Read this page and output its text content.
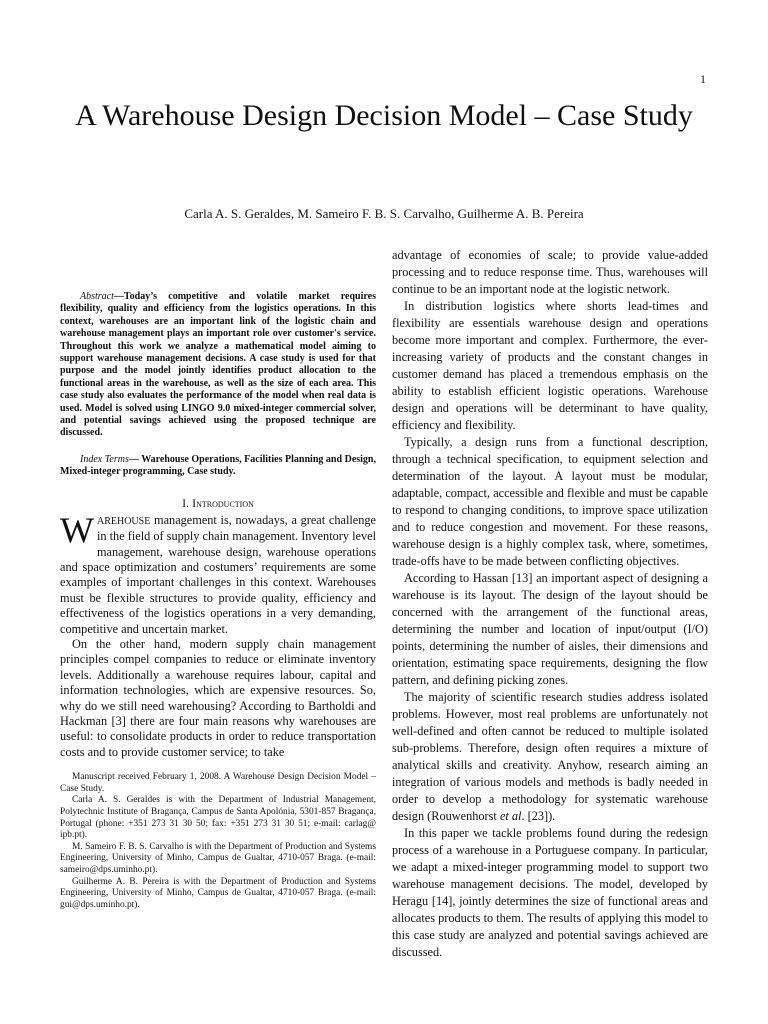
1
A Warehouse Design Decision Model – Case Study
Carla A. S. Geraldes, M. Sameiro F. B. S. Carvalho, Guilherme A. B. Pereira

Abstract—Today’s competitive and volatile market requires flexibility, quality and efficiency from the logistics operations. In this context, warehouses are an important link of the logistic chain and warehouse management plays an important role over customer's service. Throughout this work we analyze a mathematical model aiming to support warehouse management decisions. A case study is used for that purpose and the model jointly identifies product allocation to the functional areas in the warehouse, as well as the size of each area. This case study also evaluates the performance of the model when real data is used. Model is solved using LINGO 9.0 mixed-integer commercial solver, and potential savings achieved using the proposed technique are discussed.

Index Terms— Warehouse Operations, Facilities Planning and Design, Mixed-integer programming, Case study.

I. Introduction

WAREHOUSE management is, nowadays, a great challenge in the field of supply chain management. Inventory level management, warehouse design, warehouse operations and space optimization and costumers’ requirements are some examples of important challenges in this context. Warehouses must be flexible structures to provide quality, efficiency and effectiveness of the logistics operations in a very demanding, competitive and uncertain market.

On the other hand, modern supply chain management principles compel companies to reduce or eliminate inventory levels. Additionally a warehouse requires labour, capital and information technologies, which are expensive resources. So, why do we still need warehousing? According to Bartholdi and Hackman [3] there are four main reasons why warehouses are useful: to consolidate products in order to reduce transportation costs and to provide customer service; to take

Manuscript received February 1, 2008. A Warehouse Design Decision Model – Case Study.

Carla A. S. Geraldes is with the Department of Industrial Management, Polytechnic Institute of Bragança, Campus de Santa Apolónia, 5301-857 Bragança, Portugal (phone: +351 273 31 30 50; fax: +351 273 31 30 51; e-mail: carlag@ ipb.pt).

M. Sameiro F. B. S. Carvalho is with the Department of Production and Systems Engineering, University of Minho, Campus de Gualtar, 4710-057 Braga. (e-mail: sameiro@dps.uminho.pt).

Guilherme A. B. Pereira is with the Department of Production and Systems Engineering, University of Minho, Campus de Gualtar, 4710-057 Braga. (e-mail: gui@dps.uminho.pt).

advantage of economies of scale; to provide value-added processing and to reduce response time. Thus, warehouses will continue to be an important node at the logistic network.

In distribution logistics where shorts lead-times and flexibility are essentials warehouse design and operations become more important and complex. Furthermore, the ever-increasing variety of products and the constant changes in customer demand has placed a tremendous emphasis on the ability to establish efficient logistic operations. Warehouse design and operations will be determinant to have quality, efficiency and flexibility.

Typically, a design runs from a functional description, through a technical specification, to equipment selection and determination of the layout. A layout must be modular, adaptable, compact, accessible and flexible and must be capable to respond to changing conditions, to improve space utilization and to reduce congestion and movement. For these reasons, warehouse design is a highly complex task, where, sometimes, trade-offs have to be made between conflicting objectives.

According to Hassan [13] an important aspect of designing a warehouse is its layout. The design of the layout should be concerned with the arrangement of the functional areas, determining the number and location of input/output (I/O) points, determining the number of aisles, their dimensions and orientation, estimating space requirements, designing the flow pattern, and defining picking zones.

The majority of scientific research studies address isolated problems. However, most real problems are unfortunately not well-defined and often cannot be reduced to multiple isolated sub-problems. Therefore, design often requires a mixture of analytical skills and creativity. Anyhow, research aiming an integration of various models and methods is badly needed in order to develop a methodology for systematic warehouse design (Rouwenhorst et al. [23]).

In this paper we tackle problems found during the redesign process of a warehouse in a Portuguese company. In particular, we adapt a mixed-integer programming model to support two warehouse management decisions. The model, developed by Heragu [14], jointly determines the size of functional areas and allocates products to them. The results of applying this model to this case study are analyzed and potential savings achieved are discussed.
